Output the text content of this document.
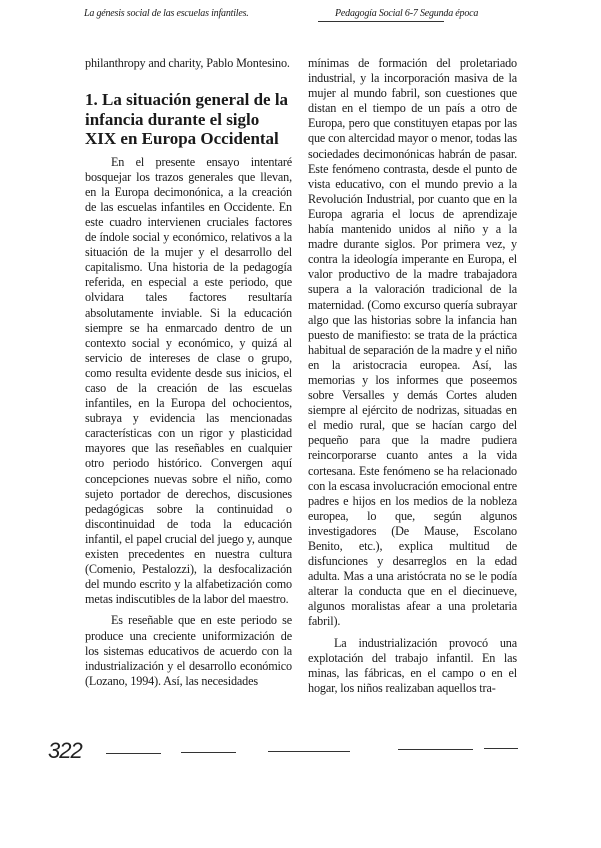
La génesis social de las escuelas infantiles.	Pedagogía Social 6-7 Segunda época

philanthropy and charity, Pablo Montesino.

1. La situación general de la infancia durante el siglo XIX en Europa Occidental

En el presente ensayo intentaré bosquejar los trazos generales que llevan, en la Europa decimonónica, a la creación de las escuelas infantiles en Occidente. En este cuadro intervienen cruciales factores de índole social y económico, relativos a la situación de la mujer y el desarrollo del capitalismo. Una historia de la pedagogía referida, en especial a este periodo, que olvidara tales factores resultaría absolutamente inviable. Si la educación siempre se ha enmarcado dentro de un contexto social y económico, y quizá al servicio de intereses de clase o grupo, como resulta evidente desde sus inicios, el caso de la creación de las escuelas infantiles, en la Europa del ochocientos, subraya y evidencia las mencionadas características con un rigor y plasticidad mayores que las reseñables en cualquier otro periodo histórico. Convergen aquí concepciones nuevas sobre el niño, como sujeto portador de derechos, discusiones pedagógicas sobre la continuidad o discontinuidad de toda la educación infantil, el papel crucial del juego y, aunque existen precedentes en nuestra cultura (Comenio, Pestalozzi), la desfocalización del mundo escrito y la alfabetización como metas indiscutibles de la labor del maestro.

Es reseñable que en este periodo se produce una creciente uniformización de los sistemas educativos de acuerdo con la industrialización y el desarrollo económico (Lozano, 1994). Así, las necesidades

mínimas de formación del proletariado industrial, y la incorporación masiva de la mujer al mundo fabril, son cuestiones que distan en el tiempo de un país a otro de Europa, pero que constituyen etapas por las que con altercidad mayor o menor, todas las sociedades decimonónicas habrán de pasar. Este fenómeno contrasta, desde el punto de vista educativo, con el mundo previo a la Revolución Industrial, por cuanto que en la Europa agraria el locus de aprendizaje había mantenido unidos al niño y a la madre durante siglos. Por primera vez, y contra la ideología imperante en Europa, el valor productivo de la madre trabajadora supera a la valoración tradicional de la maternidad. (Como excurso quería subrayar algo que las historias sobre la infancia han puesto de manifiesto: se trata de la práctica habitual de separación de la madre y el niño en la aristocracia europea. Así, las memorias y los informes que poseemos sobre Versalles y demás Cortes aluden siempre al ejército de nodrizas, situadas en el medio rural, que se hacían cargo del pequeño para que la madre pudiera reincorporarse cuanto antes a la vida cortesana. Este fenómeno se ha relacionado con la escasa involucración emocional entre padres e hijos en los medios de la nobleza europea, lo que, según algunos investigadores (De Mause, Escolano Benito, etc.), explica multitud de disfunciones y desarreglos en la edad adulta. Mas a una aristócrata no se le podía alterar la conducta que en el diecinueve, algunos moralistas afear a una proletaria fabril).

La industrialización provocó una explotación del trabajo infantil. En las minas, las fábricas, en el campo o en el hogar, los niños realizaban aquellos tra-

322
